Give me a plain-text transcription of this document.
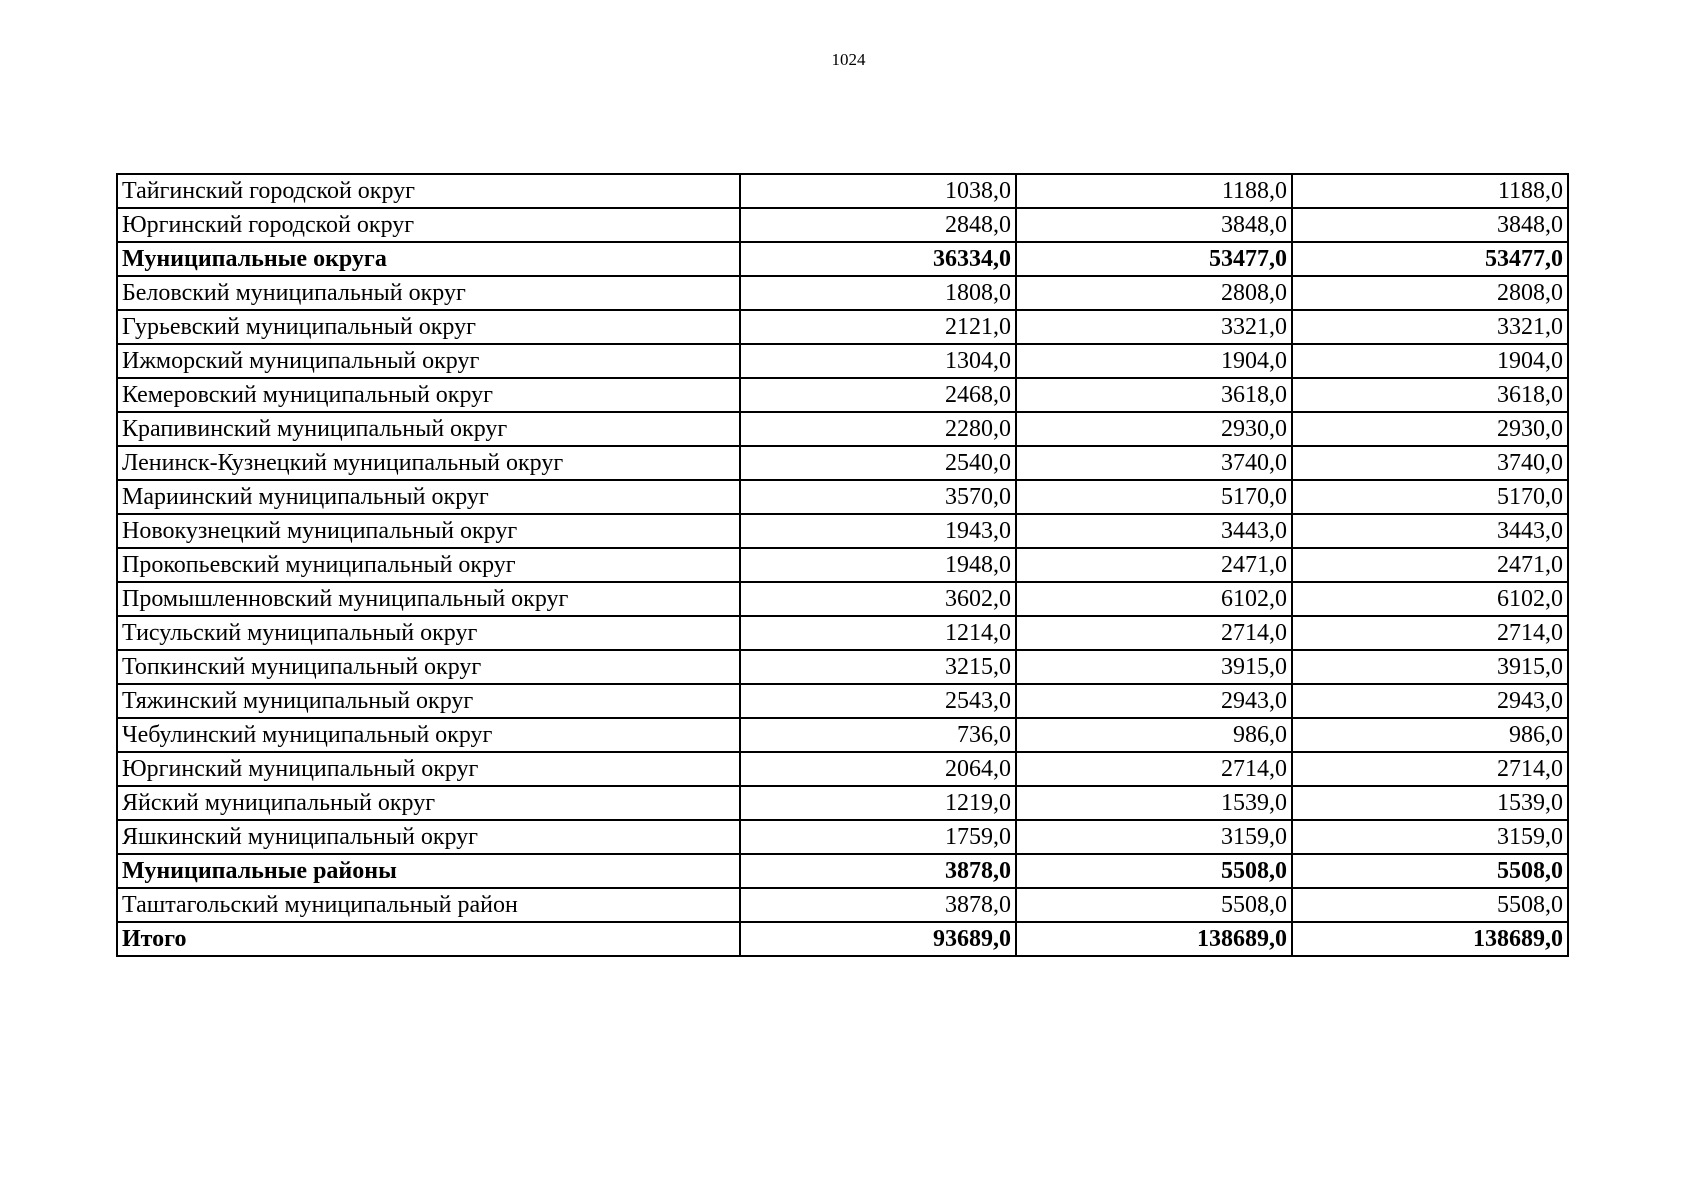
1024
Тайгинский городской округ	1038,0	1188,0	1188,0
Юргинский городской округ	2848,0	3848,0	3848,0
Муниципальные округа	36334,0	53477,0	53477,0
Беловский муниципальный округ	1808,0	2808,0	2808,0
Гурьевский муниципальный округ	2121,0	3321,0	3321,0
Ижморский муниципальный округ	1304,0	1904,0	1904,0
Кемеровский муниципальный округ	2468,0	3618,0	3618,0
Крапивинский муниципальный округ	2280,0	2930,0	2930,0
Ленинск-Кузнецкий муниципальный округ	2540,0	3740,0	3740,0
Мариинский муниципальный округ	3570,0	5170,0	5170,0
Новокузнецкий муниципальный округ	1943,0	3443,0	3443,0
Прокопьевский муниципальный округ	1948,0	2471,0	2471,0
Промышленновский муниципальный округ	3602,0	6102,0	6102,0
Тисульский муниципальный округ	1214,0	2714,0	2714,0
Топкинский муниципальный округ	3215,0	3915,0	3915,0
Тяжинский муниципальный округ	2543,0	2943,0	2943,0
Чебулинский муниципальный округ	736,0	986,0	986,0
Юргинский муниципальный округ	2064,0	2714,0	2714,0
Яйский муниципальный округ	1219,0	1539,0	1539,0
Яшкинский муниципальный округ	1759,0	3159,0	3159,0
Муниципальные районы	3878,0	5508,0	5508,0
Таштагольский муниципальный район	3878,0	5508,0	5508,0
Итого	93689,0	138689,0	138689,0
